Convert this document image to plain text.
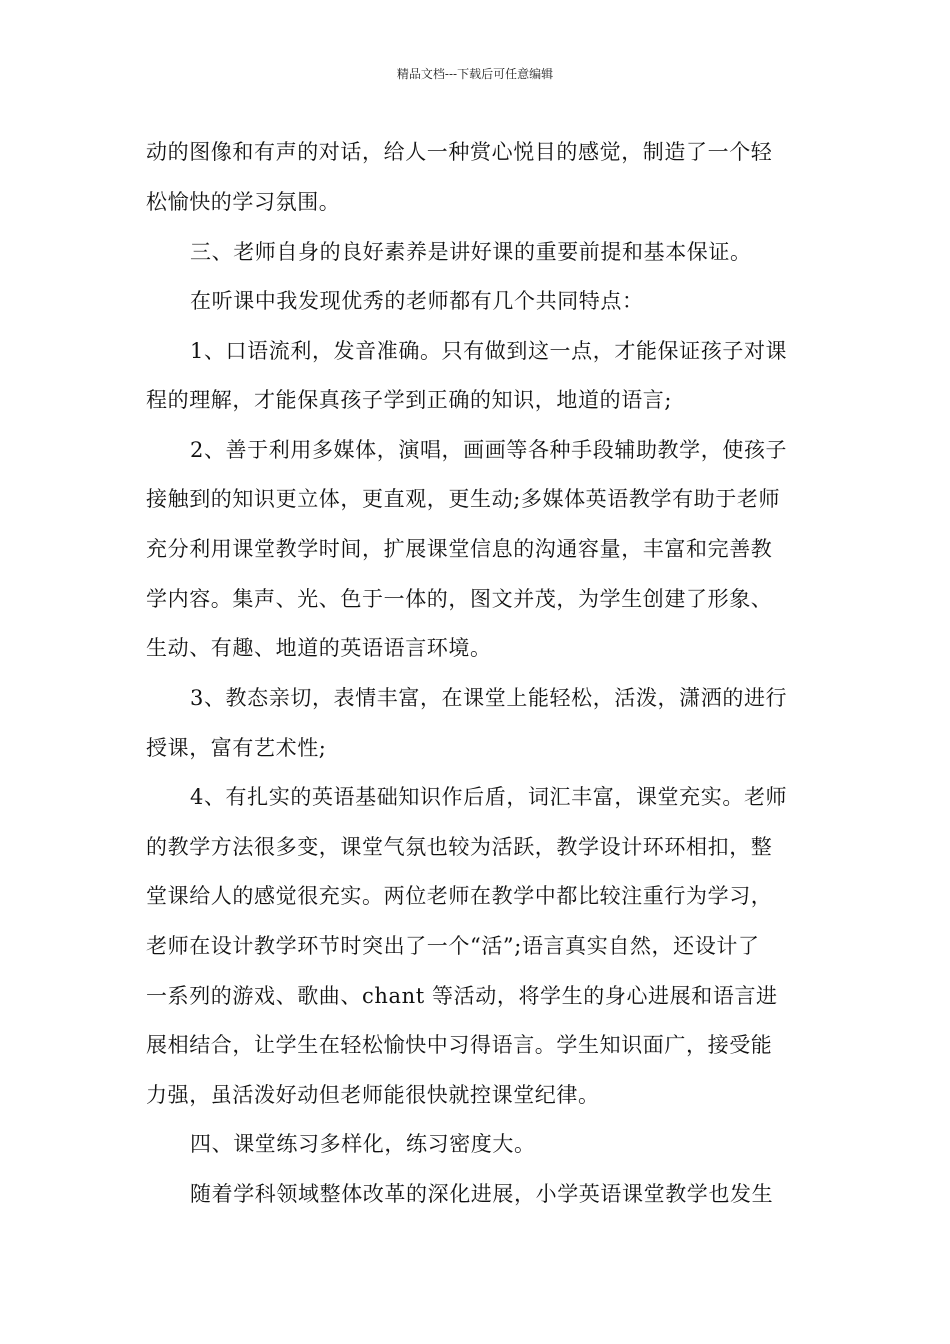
精品文档---下载后可任意编辑
动的图像和有声的对话，给人一种赏心悦目的感觉，制造了一个轻
松愉快的学习氛围。
三、老师自身的良好素养是讲好课的重要前提和基本保证。
在听课中我发现优秀的老师都有几个共同特点：
1、口语流利，发音准确。只有做到这一点，才能保证孩子对课
程的理解，才能保真孩子学到正确的知识，地道的语言;
2、善于利用多媒体，演唱，画画等各种手段辅助教学，使孩子
接触到的知识更立体，更直观，更生动;多媒体英语教学有助于老师
充分利用课堂教学时间，扩展课堂信息的沟通容量，丰富和完善教
学内容。集声、光、色于一体的，图文并茂，为学生创建了形象、
生动、有趣、地道的英语语言环境。
3、教态亲切，表情丰富，在课堂上能轻松，活泼，潇洒的进行
授课，富有艺术性;
4、有扎实的英语基础知识作后盾，词汇丰富，课堂充实。老师
的教学方法很多变，课堂气氛也较为活跃，教学设计环环相扣，整
堂课给人的感觉很充实。两位老师在教学中都比较注重行为学习，
老师在设计教学环节时突出了一个“活”;语言真实自然，还设计了
一系列的游戏、歌曲、chant 等活动，将学生的身心进展和语言进
展相结合，让学生在轻松愉快中习得语言。学生知识面广，接受能
力强，虽活泼好动但老师能很快就控课堂纪律。
四、课堂练习多样化，练习密度大。
随着学科领域整体改革的深化进展，小学英语课堂教学也发生
